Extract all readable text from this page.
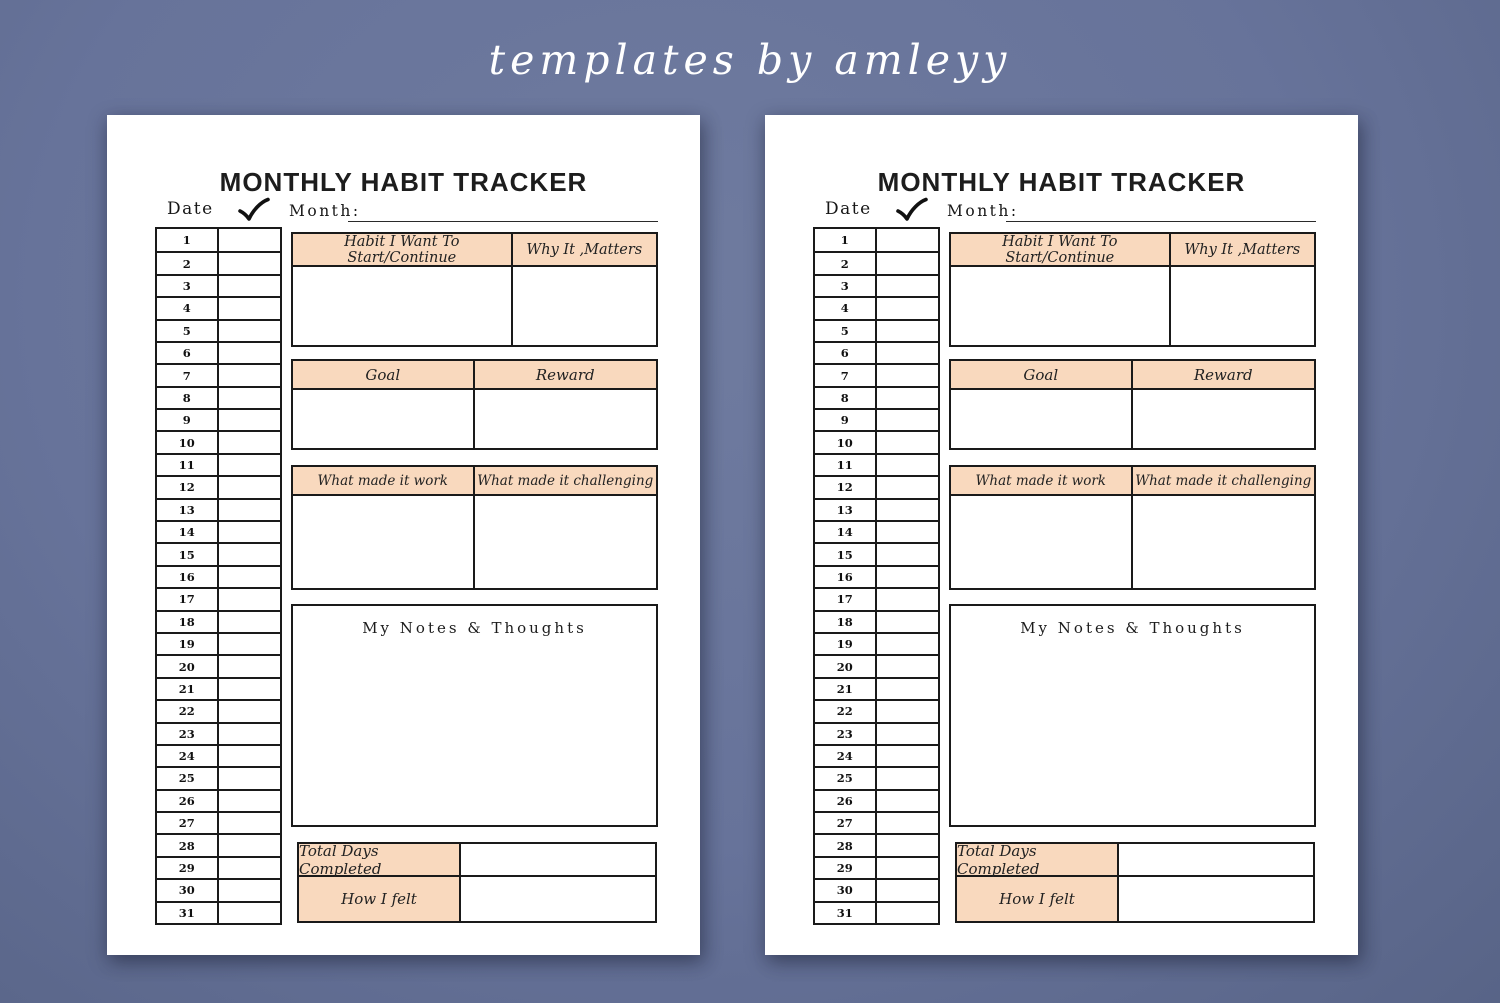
templates by amleyy
MONTHLY HABIT TRACKER
Date	Month:
1
2
3
4
5
6
7
8
9
10
11
12
13
14
15
16
17
18
19
20
21
22
23
24
25
26
27
28
29
30
31
Habit I Want To Start/Continue	Why It ,Matters
Goal	Reward
What made it work	What made it challenging
My Notes & Thoughts
Total Days Completed
How I felt
MONTHLY HABIT TRACKER
Date	Month:
1
2
3
4
5
6
7
8
9
10
11
12
13
14
15
16
17
18
19
20
21
22
23
24
25
26
27
28
29
30
31
Habit I Want To Start/Continue	Why It ,Matters
Goal	Reward
What made it work	What made it challenging
My Notes & Thoughts
Total Days Completed
How I felt
